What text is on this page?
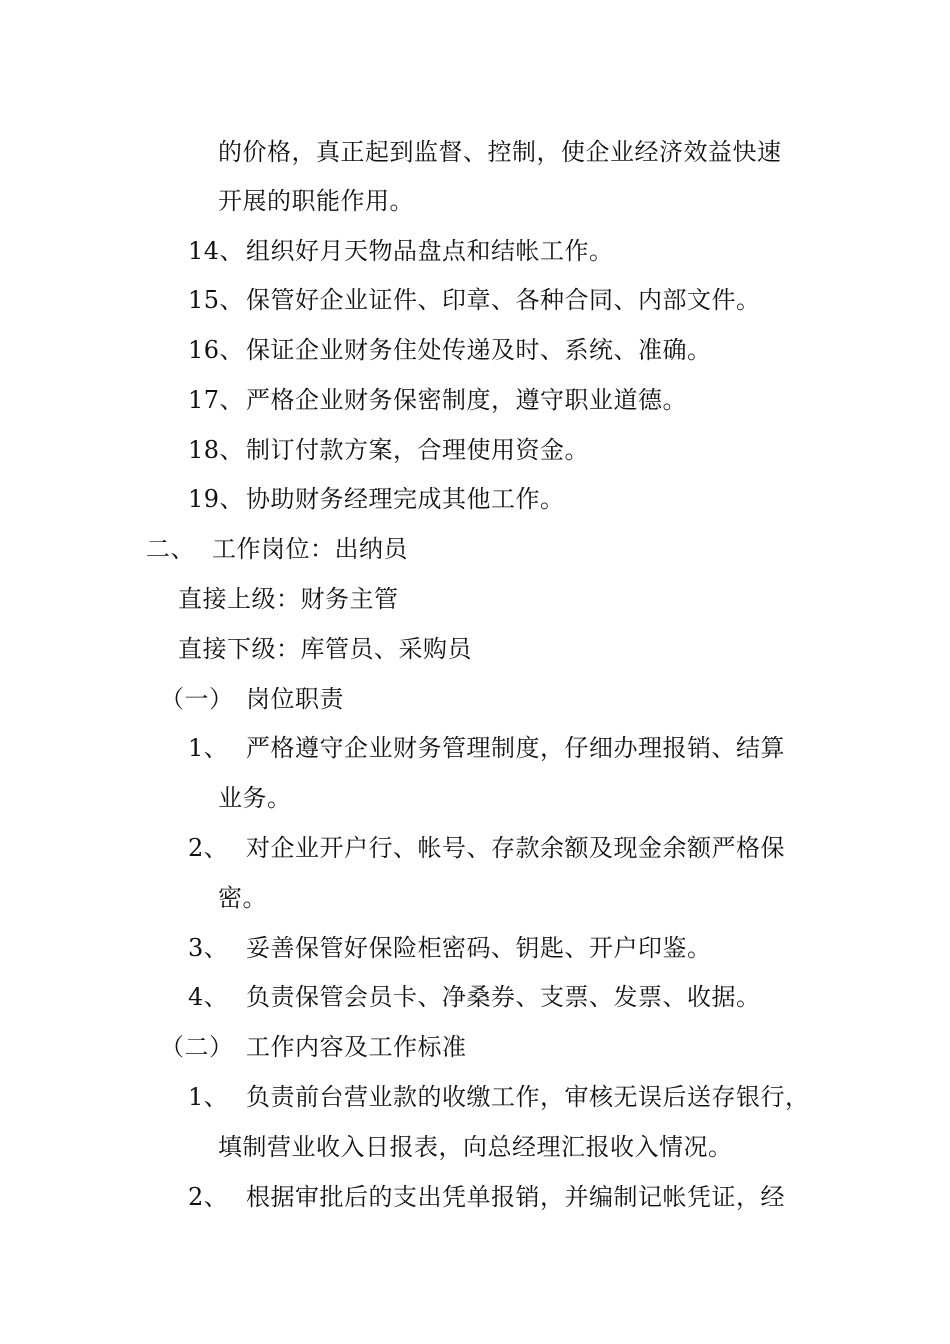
的价格，真正起到监督、控制，使企业经济效益快速
开展的职能作用。
14、组织好月天物品盘点和结帐工作。
15、保管好企业证件、印章、各种合同、内部文件。
16、保证企业财务住处传递及时、系统、准确。
17、严格企业财务保密制度，遵守职业道德。
18、制订付款方案，合理使用资金。
19、协助财务经理完成其他工作。
二、 工作岗位：出纳员
直接上级：财务主管
直接下级：库管员、采购员
（一） 岗位职责
1、 严格遵守企业财务管理制度，仔细办理报销、结算
业务。
2、 对企业开户行、帐号、存款余额及现金余额严格保
密。
3、 妥善保管好保险柜密码、钥匙、开户印鉴。
4、 负责保管会员卡、净桑券、支票、发票、收据。
（二） 工作内容及工作标准
1、 负责前台营业款的收缴工作，审核无误后送存银行，
填制营业收入日报表，向总经理汇报收入情况。
2、 根据审批后的支出凭单报销，并编制记帐凭证，经
